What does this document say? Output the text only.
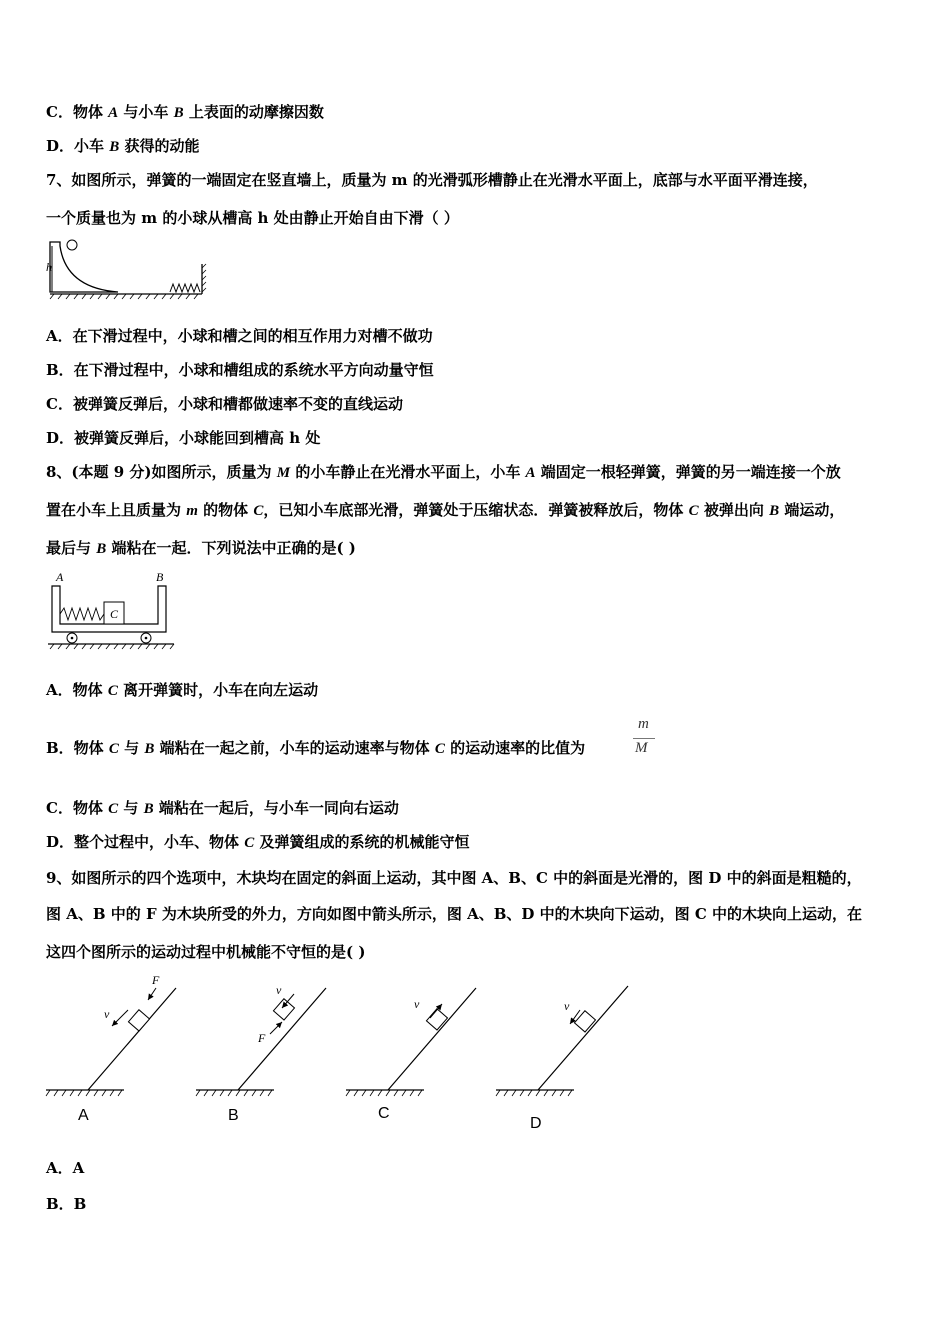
C．物体 A 与小车 B 上表面的动摩擦因数
D．小车 B 获得的动能
7、如图所示，弹簧的一端固定在竖直墙上，质量为 m 的光滑弧形槽静止在光滑水平面上，底部与水平面平滑连接，
一个质量也为 m 的小球从槽高 h 处由静止开始自由下滑（ ）
h
A．在下滑过程中，小球和槽之间的相互作用力对槽不做功
B．在下滑过程中，小球和槽组成的系统水平方向动量守恒
C．被弹簧反弹后，小球和槽都做速率不变的直线运动
D．被弹簧反弹后，小球能回到槽高 h 处
8、(本题 9 分)如图所示，质量为 M 的小车静止在光滑水平面上，小车 A 端固定一根轻弹簧，弹簧的另一端连接一个放
置在小车上且质量为 m 的物体 C，已知小车底部光滑，弹簧处于压缩状态．弹簧被释放后，物体 C 被弹出向 B 端运动，
最后与 B 端粘在一起．下列说法中正确的是( )
A	B
C
A．物体 C 离开弹簧时，小车在向左运动
B．物体 C 与 B 端粘在一起之前，小车的运动速率与物体 C 的运动速率的比值为
m
M
C．物体 C 与 B 端粘在一起后，与小车一同向右运动
D．整个过程中，小车、物体 C 及弹簧组成的系统的机械能守恒
9、如图所示的四个选项中，木块均在固定的斜面上运动，其中图 A、B、C 中的斜面是光滑的，图 D 中的斜面是粗糙的，
图 A、B 中的 F 为木块所受的外力，方向如图中箭头所示，图 A、B、D 中的木块向下运动，图 C 中的木块向上运动，在
这四个图所示的运动过程中机械能不守恒的是( )
F
v
A
F
v
B
v
C
v
D
A．A
B．B
